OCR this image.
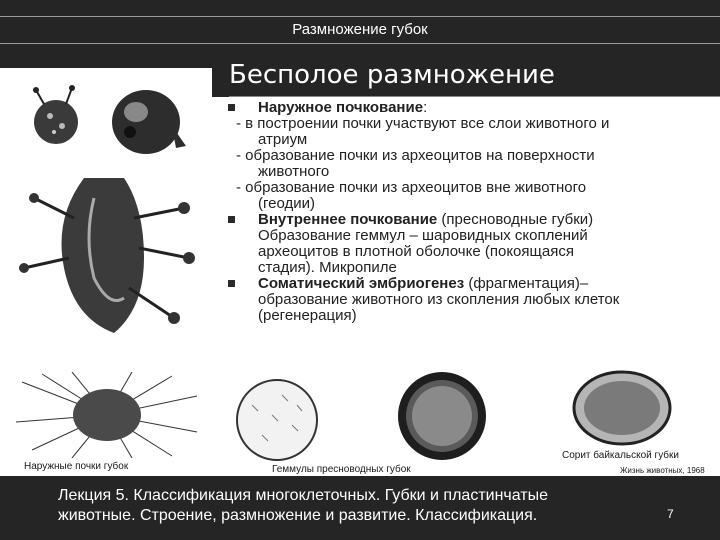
Размножение губок
Бесполое размножение
Наружное почкование:

- в построении почки участвуют все слои животного и

атриум

- образование почки из археоцитов на поверхности

животного

- образование почки из археоцитов вне животного

(геодии)

Внутреннее почкование (пресноводные губки)

Образование геммул – шаровидных скоплений

археоцитов в плотной оболочке (покоящаяся

стадия). Микропиле

Соматический эмбриогенез (фрагментация)–

образование животного из скопления любых клеток

(регенерация)

Наружные почки губок	Геммулы пресноводных губок
Сорит байкальской губки
Жизнь животных, 1968
Лекция 5. Классификация многоклеточных. Губки и пластинчатые
животные. Строение, размножение и развитие. Классификация.	7
